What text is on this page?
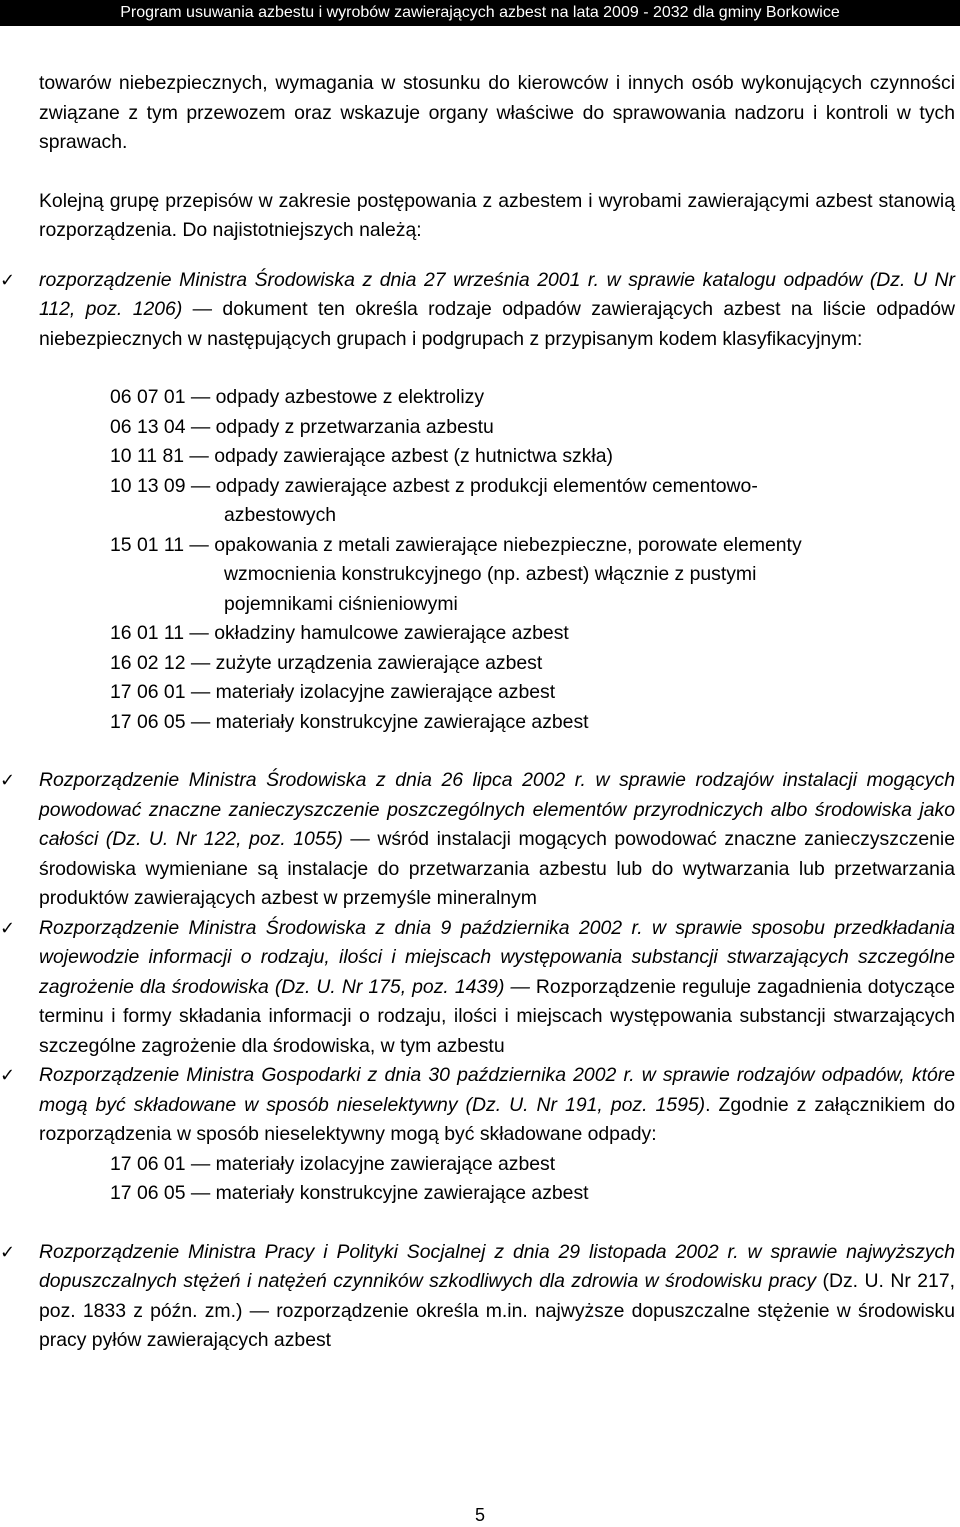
Program usuwania azbestu i wyrobów zawierających azbest na lata 2009 - 2032 dla gminy Borkowice

towarów niebezpiecznych, wymagania w stosunku do kierowców i innych osób wykonujących czynności związane z tym przewozem oraz wskazuje organy właściwe do sprawowania nadzoru i kontroli w tych sprawach.

Kolejną grupę przepisów w zakresie postępowania z azbestem i wyrobami zawierającymi azbest stanowią rozporządzenia. Do najistotniejszych należą:

✓	rozporządzenie Ministra Środowiska z dnia 27 września 2001 r. w sprawie katalogu odpadów (Dz. U Nr 112, poz. 1206) — dokument ten określa rodzaje odpadów zawierających azbest na liście odpadów niebezpiecznych w następujących grupach i podgrupach z przypisanym kodem klasyfikacyjnym:

06 07 01 — odpady azbestowe z elektrolizy
06 13 04 — odpady z przetwarzania azbestu
10 11 81 — odpady zawierające azbest (z hutnictwa szkła)
10 13 09 — odpady zawierające azbest z produkcji elementów cementowo-
azbestowych
15 01 11 — opakowania z metali zawierające niebezpieczne, porowate elementy
wzmocnienia konstrukcyjnego (np. azbest) włącznie z pustymi
pojemnikami ciśnieniowymi
16 01 11 — okładziny hamulcowe zawierające azbest
16 02 12 — zużyte urządzenia zawierające azbest
17 06 01 — materiały izolacyjne zawierające azbest
17 06 05 — materiały konstrukcyjne zawierające azbest
✓	Rozporządzenie Ministra Środowiska z dnia 26 lipca 2002 r. w sprawie rodzajów instalacji mogących powodować znaczne zanieczyszczenie poszczególnych elementów przyrodniczych albo środowiska jako całości (Dz. U. Nr 122, poz. 1055) — wśród instalacji mogących powodować znaczne zanieczyszczenie środowiska wymieniane są instalacje do przetwarzania azbestu lub do wytwarzania lub przetwarzania produktów zawierających azbest w przemyśle mineralnym

✓	Rozporządzenie Ministra Środowiska z dnia 9 października 2002 r. w sprawie sposobu przedkładania wojewodzie informacji o rodzaju, ilości i miejscach występowania substancji stwarzających szczególne zagrożenie dla środowiska (Dz. U. Nr 175, poz. 1439) — Rozporządzenie reguluje zagadnienia dotyczące terminu i formy składania informacji o rodzaju, ilości i miejscach występowania substancji stwarzających szczególne zagrożenie dla środowiska, w tym azbestu

✓	Rozporządzenie Ministra Gospodarki z dnia 30 października 2002 r. w sprawie rodzajów odpadów, które mogą być składowane w sposób nieselektywny (Dz. U. Nr 191, poz. 1595). Zgodnie z załącznikiem do rozporządzenia w sposób nieselektywny mogą być składowane odpady:

17 06 01 — materiały izolacyjne zawierające azbest
17 06 05 — materiały konstrukcyjne zawierające azbest
✓	Rozporządzenie Ministra Pracy i Polityki Socjalnej z dnia 29 listopada 2002 r. w sprawie najwyższych dopuszczalnych stężeń i natężeń czynników szkodliwych dla zdrowia w środowisku pracy (Dz. U. Nr 217, poz. 1833 z późn. zm.) — rozporządzenie określa m.in. najwyższe dopuszczalne stężenie w środowisku pracy pyłów zawierających azbest

5
